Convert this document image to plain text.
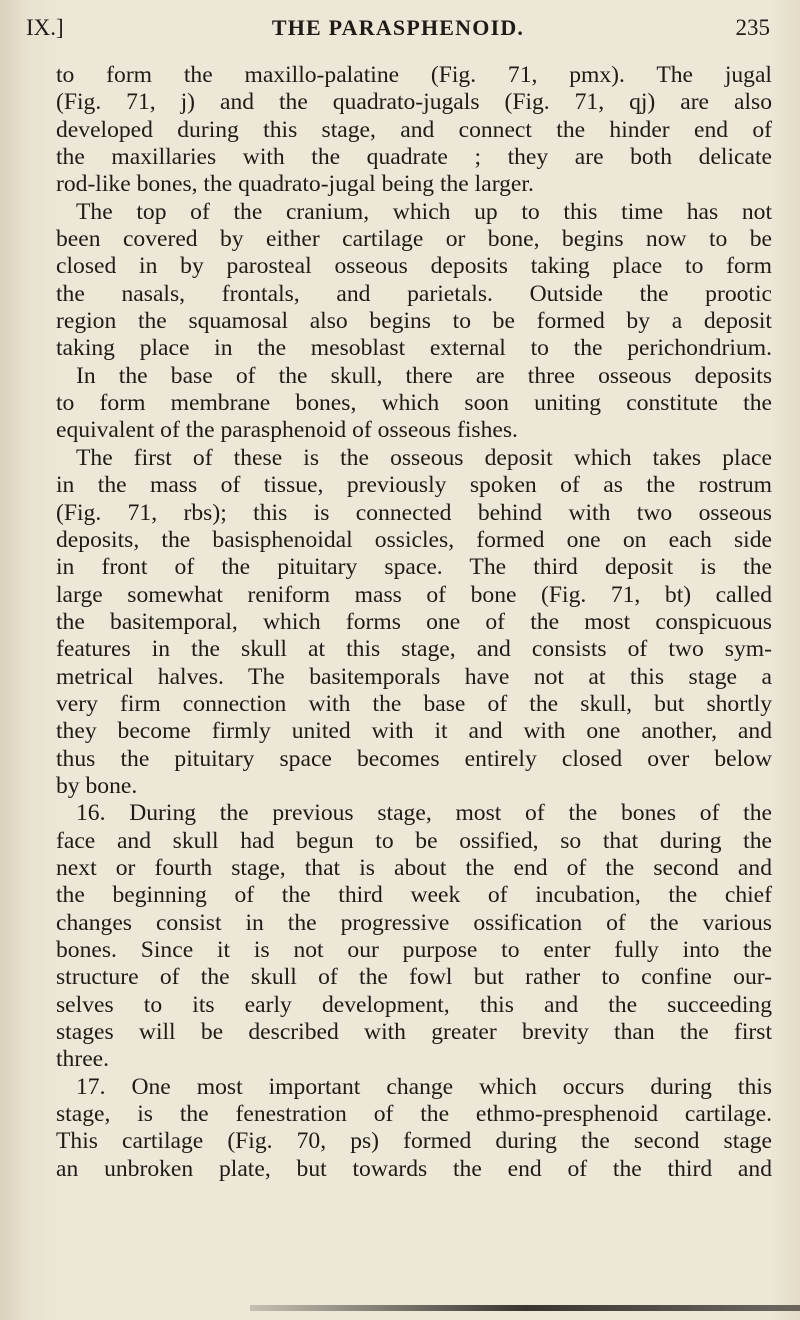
IX.]	THE PARASPHENOID.	235
to form the maxillo-palatine (Fig. 71, pmx). The jugal
(Fig. 71, j) and the quadrato-jugals (Fig. 71, qj) are also
developed during this stage, and connect the hinder end of
the maxillaries with the quadrate ; they are both delicate
rod-like bones, the quadrato-jugal being the larger.
The top of the cranium, which up to this time has not
been covered by either cartilage or bone, begins now to be
closed in by parosteal osseous deposits taking place to form
the nasals, frontals, and parietals. Outside the prootic
region the squamosal also begins to be formed by a deposit
taking place in the mesoblast external to the perichondrium.
In the base of the skull, there are three osseous deposits
to form membrane bones, which soon uniting constitute the
equivalent of the parasphenoid of osseous fishes.
The first of these is the osseous deposit which takes place
in the mass of tissue, previously spoken of as the rostrum
(Fig. 71, rbs); this is connected behind with two osseous
deposits, the basisphenoidal ossicles, formed one on each side
in front of the pituitary space. The third deposit is the
large somewhat reniform mass of bone (Fig. 71, bt) called
the basitemporal, which forms one of the most conspicuous
features in the skull at this stage, and consists of two sym-
metrical halves. The basitemporals have not at this stage a
very firm connection with the base of the skull, but shortly
they become firmly united with it and with one another, and
thus the pituitary space becomes entirely closed over below
by bone.
16. During the previous stage, most of the bones of the
face and skull had begun to be ossified, so that during the
next or fourth stage, that is about the end of the second and
the beginning of the third week of incubation, the chief
changes consist in the progressive ossification of the various
bones. Since it is not our purpose to enter fully into the
structure of the skull of the fowl but rather to confine our-
selves to its early development, this and the succeeding
stages will be described with greater brevity than the first
three.
17. One most important change which occurs during this
stage, is the fenestration of the ethmo-presphenoid cartilage.
This cartilage (Fig. 70, ps) formed during the second stage
an unbroken plate, but towards the end of the third and
